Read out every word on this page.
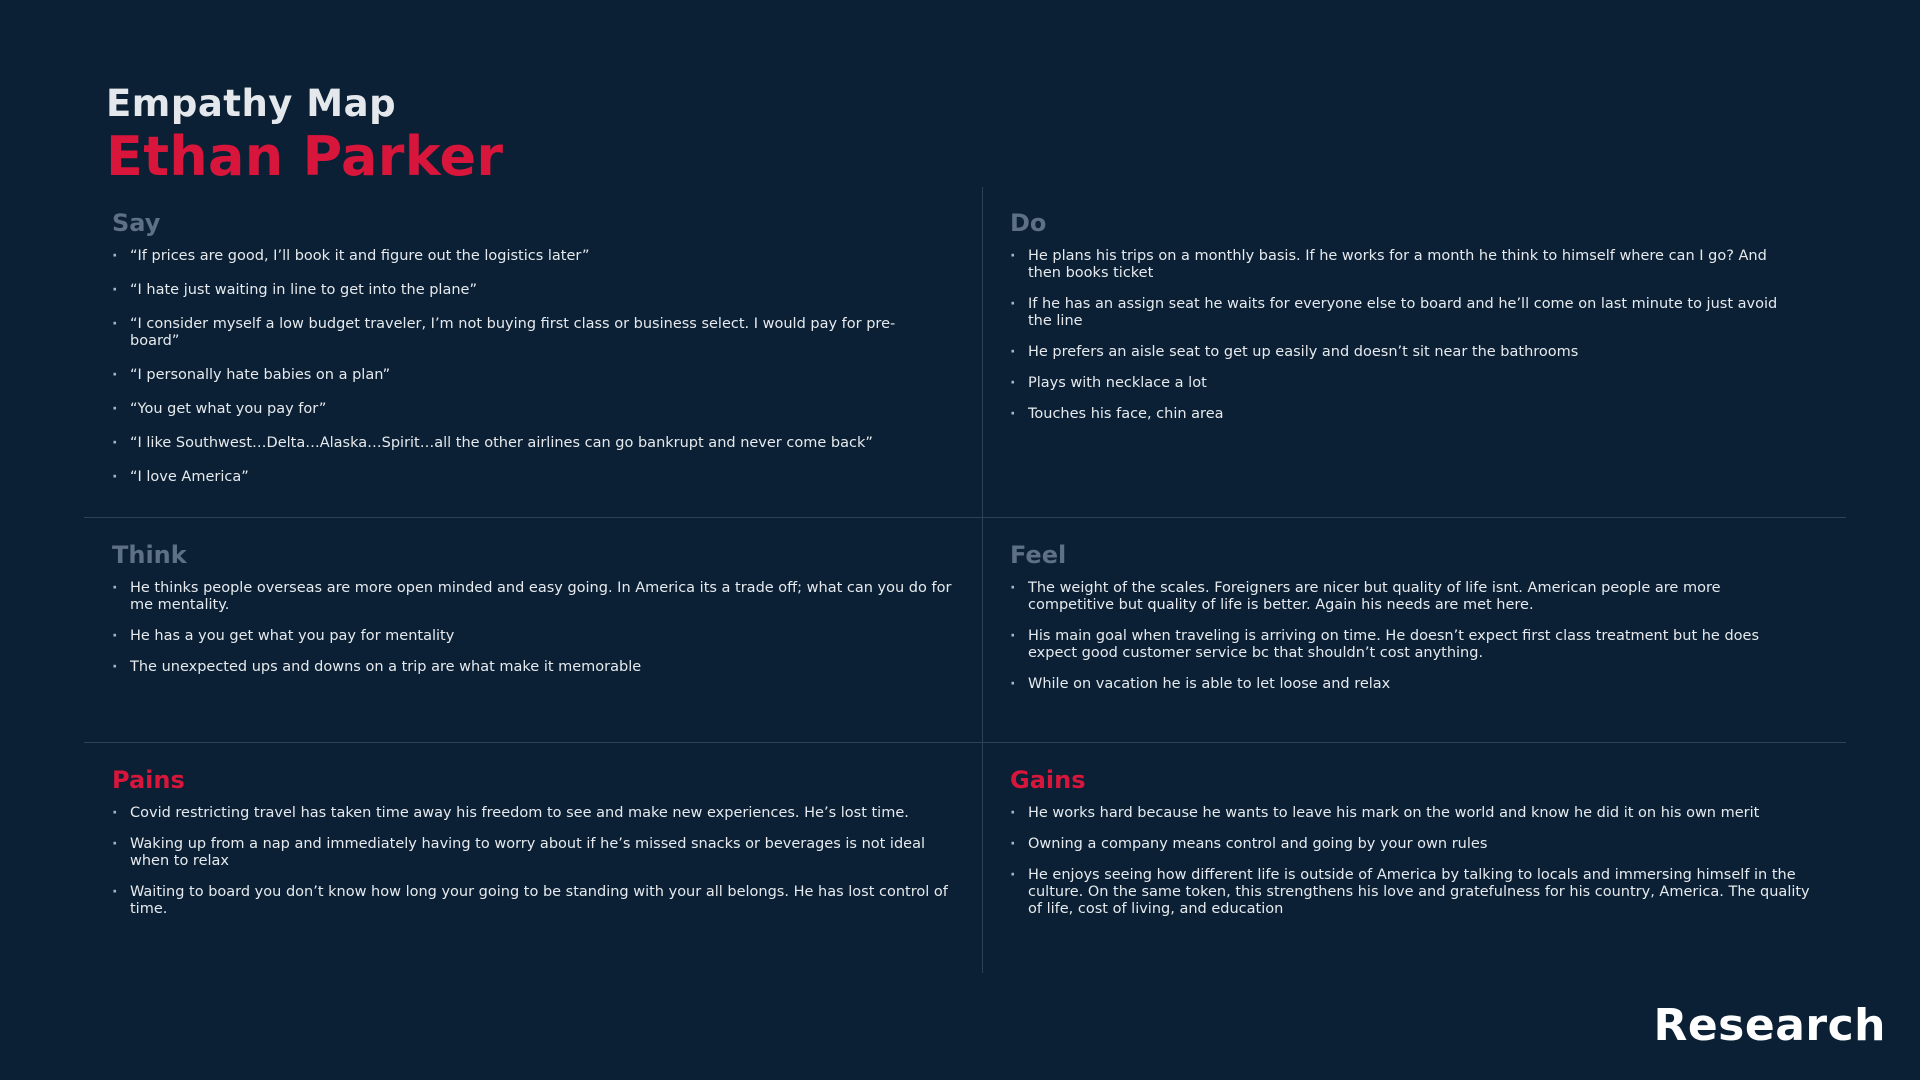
Empathy Map
Ethan Parker
Say
· “If prices are good, I’ll book it and figure out the logistics later”
· “I hate just waiting in line to get into the plane”
· “I consider myself a low budget traveler, I’m not buying first class or business select. I would pay for pre-board”
· “I personally hate babies on a plan”
· “You get what you pay for”
· “I like Southwest…Delta…Alaska…Spirit…all the other airlines can go bankrupt and never come back”
· “I love America”
Do
· He plans his trips on a monthly basis. If he works for a month he think to himself where can I go? And then books ticket
· If he has an assign seat he waits for everyone else to board and he’ll come on last minute to just avoid the line
· He prefers an aisle seat to get up easily and doesn’t sit near the bathrooms
· Plays with necklace a lot
· Touches his face, chin area
Think
· He thinks people overseas are more open minded and easy going. In America its a trade off; what can you do for me mentality.
· He has a you get what you pay for mentality
· The unexpected ups and downs on a trip are what make it memorable
Feel
· The weight of the scales. Foreigners are nicer but quality of life isnt. American people are more competitive but quality of life is better. Again his needs are met here.
· His main goal when traveling is arriving on time. He doesn’t expect first class treatment but he does expect good customer service bc that shouldn’t cost anything.
· While on vacation he is able to let loose and relax
Pains
· Covid restricting travel has taken time away his freedom to see and make new experiences. He’s lost time.
· Waking up from a nap and immediately having to worry about if he’s missed snacks or beverages is not ideal when to relax
· Waiting to board you don’t know how long your going to be standing with your all belongs. He has lost control of time.
Gains
· He works hard because he wants to leave his mark on the world and know he did it on his own merit
· Owning a company means control and going by your own rules
· He enjoys seeing how different life is outside of America by talking to locals and immersing himself in the culture. On the same token, this strengthens his love and gratefulness for his country, America. The quality of life, cost of living, and education
Research
